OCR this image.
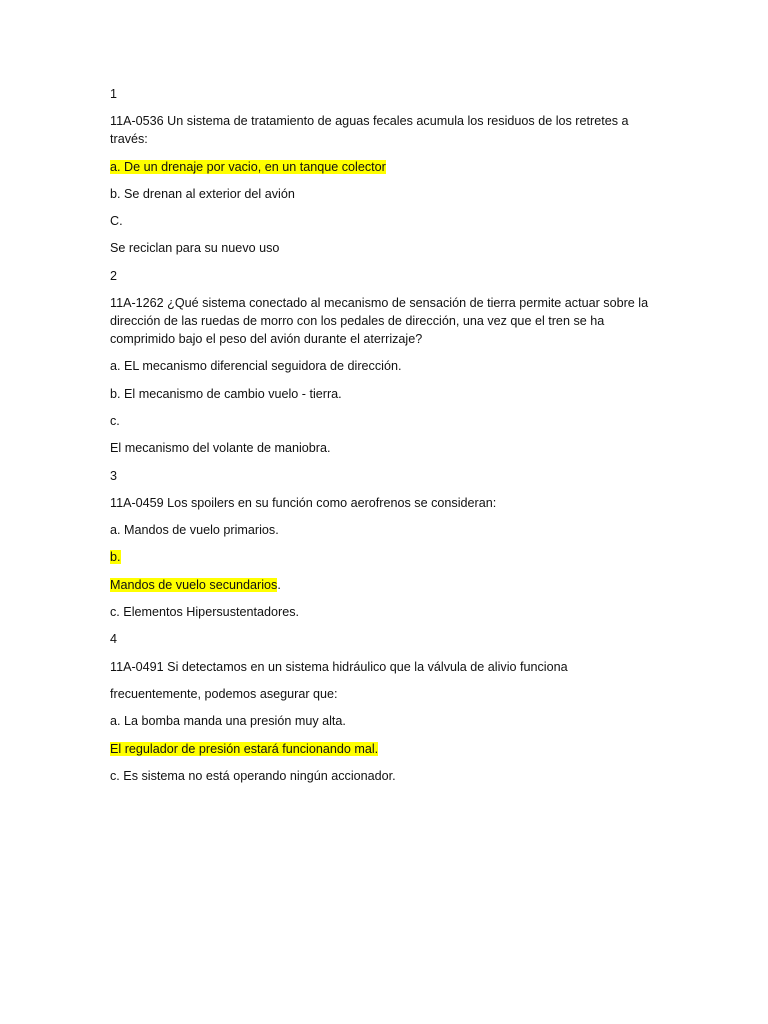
1
11A-0536 Un sistema de tratamiento de aguas fecales acumula los residuos de los retretes a través:
a. De un drenaje por vacio, en un tanque colector
b. Se drenan al exterior del avión
C.
Se reciclan para su nuevo uso
2
11A-1262 ¿Qué sistema conectado al mecanismo de sensación de tierra permite actuar sobre la dirección de las ruedas de morro con los pedales de dirección, una vez que el tren se ha comprimido bajo el peso del avión durante el aterrizaje?
a. EL mecanismo diferencial seguidora de dirección.
b. El mecanismo de cambio vuelo - tierra.
c.
El mecanismo del volante de maniobra.
3
11A-0459 Los spoilers en su función como aerofrenos se consideran:
a. Mandos de vuelo primarios.
b.
Mandos de vuelo secundarios.
c. Elementos Hipersustentadores.
4
11A-0491 Si detectamos en un sistema hidráulico que la válvula de alivio funciona
frecuentemente, podemos asegurar que:
a. La bomba manda una presión muy alta.
El regulador de presión estará funcionando mal.
c. Es sistema no está operando ningún accionador.
